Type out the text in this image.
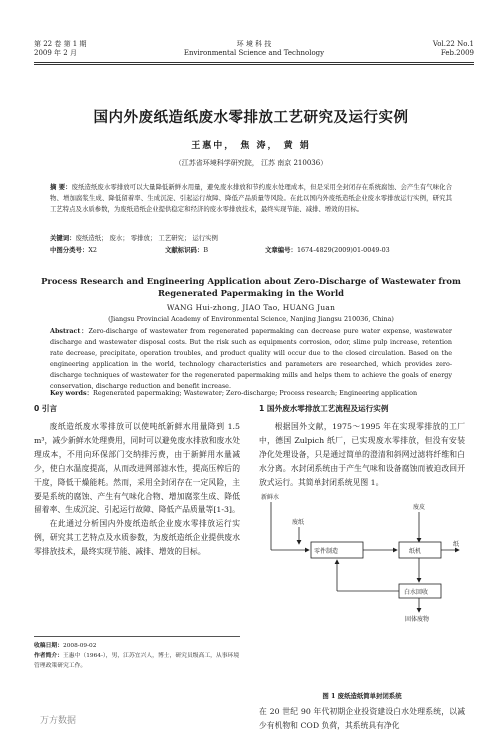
第 22 卷 第 1 期
2009 年 2 月
环 境 科 技
Environmental Science and Technology
Vol.22 No.1
Feb.2009
国内外废纸造纸废水零排放工艺研究及运行实例
王惠中， 焦 涛， 黄 娟
（江苏省环境科学研究院， 江苏 南京 210036）
摘 要：废纸造纸废水零排放可以大量降低新鲜水用量，避免废水排放和节约废水处理成本，但是采用全封闭存在系统腐蚀、会产生有气味化合物、增加腐浆生成、降低留着率、生成沉淀、引起运行故障、降低产品质量等风险。在此以国内外废纸造纸企业废水零排放运行实例，研究其工艺特点及水质参数，为废纸造纸企业提供稳定和经济的废水零排放技术，最终实现节能、减排、增效的目标。
关键词：废纸造纸； 废水； 零排放； 工艺研究； 运行实例
中图分类号：X2	文献标识码：B	文章编号：1674-4829(2009)01-0049-03
Process Research and Engineering Application about Zero-Discharge of Wastewater from Regenerated Papermaking in the World
WANG Hui-zhong, JIAO Tao, HUANG Juan
(Jiangsu Provincial Academy of Environmental Science, Nanjing Jiangsu 210036, China)
Abstract：Zero-discharge of wastewater from regenerated papermaking can decrease pure water expense, wastewater discharge and wastewater disposal costs. But the risk such as equipments corrosion, odor, slime pulp increase, retention rate decrease, precipitate, operation troubles, and product quality will occur due to the closed circulation. Based on the engineering application in the world, technology characteristics and parameters are researched, which provides zero-discharge techniques of wastewater for the regenerated papermaking mills and helps them to achieve the goals of energy conservation, discharge reduction and benefit increase.
Key words：Regenerated papermaking; Wastewater; Zero-discharge; Process research; Engineering application
0 引言

废纸造纸废水零排放可以使吨纸新鲜水用量降到 1.5 m³，减少新鲜水处理费用，同时可以避免废水排放和废水处理成本，不用向环保部门交纳排污费，由于新鲜用水量减少，使白水温度提高，从而改进网部滤水性，提高压榨后的干度，降低干燥能耗。然而，采用全封闭存在一定风险，主要是系统的腐蚀、产生有气味化合物、增加腐浆生成、降低留着率、生成沉淀、引起运行故障、降低产品质量等[1-3]。

在此通过分析国内外废纸造纸企业废水零排放运行实例，研究其工艺特点及水质参数，为废纸造纸企业提供废水零排放技术，最终实现节能、减排、增效的目标。

收稿日期：2008-09-02
作者简介：王惠中（1964-），男，江苏宜兴人，博士，研究员级高工，从事环境管理政策研究工作。
1 国外废水零排放工艺流程及运行实例

根据国外文献，1975～1995 年在实现零排放的工厂中，德国 Zulpich 纸厂，已实现废水零排放，但没有安装净化处理设备，只是通过简单的澄清和斜网过滤将纤维和白水分离。水封闭系统由于产生气味和设备腐蚀而被迫改回开放式运行。其简单封闭系统见图 1。

新鲜水
废纸
零件制造
废皮
纸机
纸
白水回收
固体废物
图 1 废纸造纸简单封闭系统
在 20 世纪 90 年代初期企业投资建设白水处理系统，以减少有机物和 COD 负荷，其系统具有净化
万方数据
